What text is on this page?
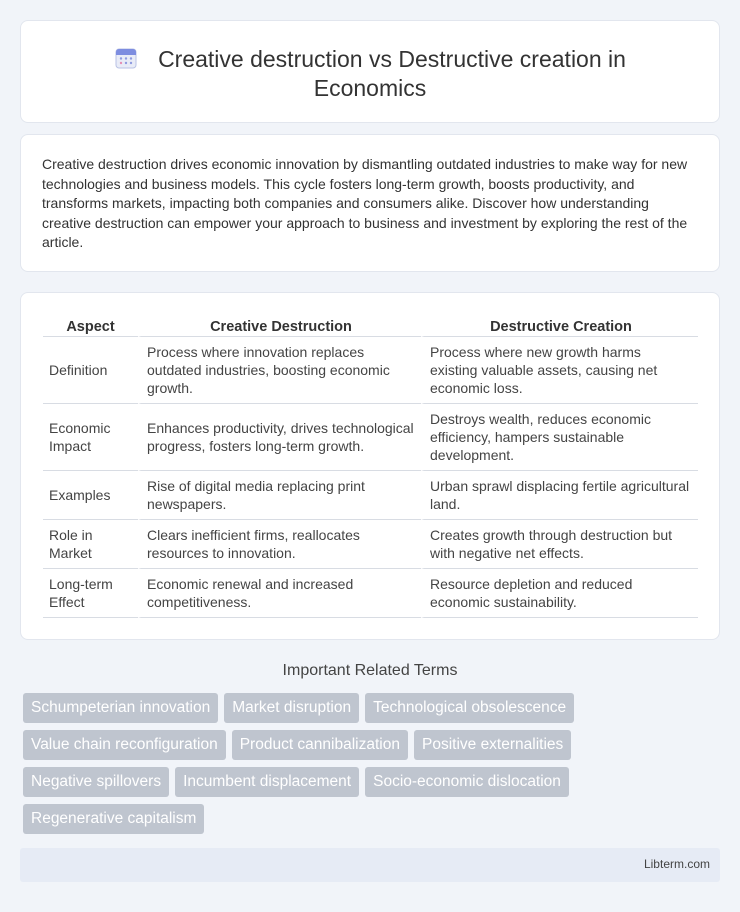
Creative destruction vs Destructive creation in Economics

Creative destruction drives economic innovation by dismantling outdated industries to make way for new technologies and business models. This cycle fosters long-term growth, boosts productivity, and transforms markets, impacting both companies and consumers alike. Discover how understanding creative destruction can empower your approach to business and investment by exploring the rest of the article.

Aspect	Creative Destruction	Destructive Creation
Definition	Process where innovation replaces outdated industries, boosting economic growth.	Process where new growth harms existing valuable assets, causing net economic loss.
Economic Impact	Enhances productivity, drives technological progress, fosters long-term growth.	Destroys wealth, reduces economic efficiency, hampers sustainable development.
Examples	Rise of digital media replacing print newspapers.	Urban sprawl displacing fertile agricultural land.
Role in Market	Clears inefficient firms, reallocates resources to innovation.	Creates growth through destruction but with negative net effects.
Long-term Effect	Economic renewal and increased competitiveness.	Resource depletion and reduced economic sustainability.
Important Related Terms
Schumpeterian innovation Market disruption Technological obsolescence
Value chain reconfiguration Product cannibalization Positive externalities
Negative spillovers Incumbent displacement Socio-economic dislocation
Regenerative capitalism
Libterm.com
